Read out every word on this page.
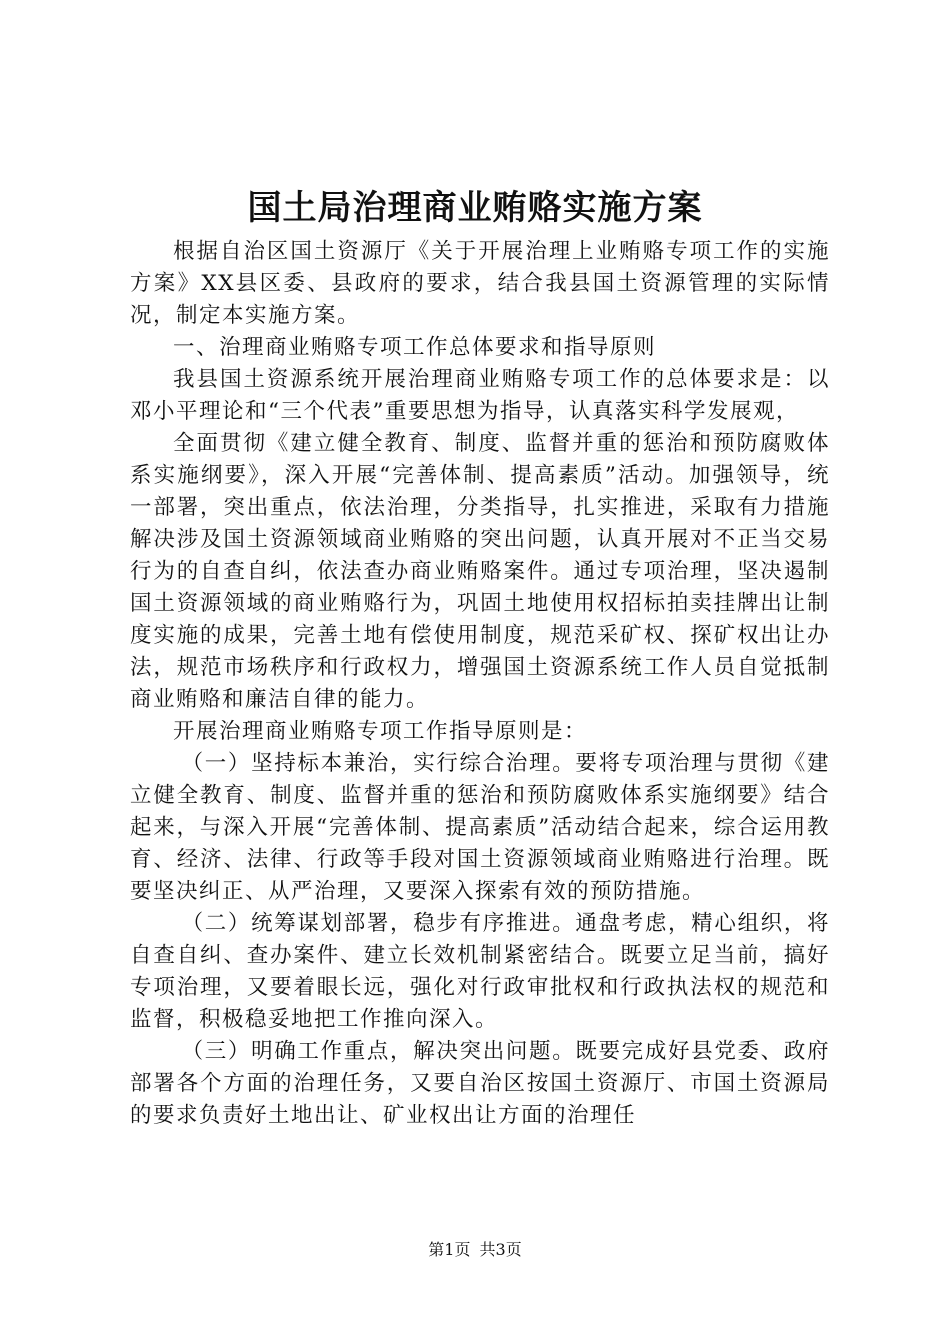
国土局治理商业贿赂实施方案

根据自治区国土资源厅《关于开展治理上业贿赂专项工作的实施方案》XX县区委、县政府的要求，结合我县国土资源管理的实际情况，制定本实施方案。

一、治理商业贿赂专项工作总体要求和指导原则

我县国土资源系统开展治理商业贿赂专项工作的总体要求是：以邓小平理论和“三个代表”重要思想为指导，认真落实科学发展观，

全面贯彻《建立健全教育、制度、监督并重的惩治和预防腐败体系实施纲要》，深入开展“完善体制、提高素质”活动。加强领导，统一部署，突出重点，依法治理，分类指导，扎实推进，采取有力措施解决涉及国土资源领域商业贿赂的突出问题，认真开展对不正当交易行为的自查自纠，依法查办商业贿赂案件。通过专项治理，坚决遏制国土资源领域的商业贿赂行为，巩固土地使用权招标拍卖挂牌出让制度实施的成果，完善土地有偿使用制度，规范采矿权、探矿权出让办法，规范市场秩序和行政权力，增强国土资源系统工作人员自觉抵制商业贿赂和廉洁自律的能力。

开展治理商业贿赂专项工作指导原则是：

（一）坚持标本兼治，实行综合治理。要将专项治理与贯彻《建立健全教育、制度、监督并重的惩治和预防腐败体系实施纲要》结合起来，与深入开展“完善体制、提高素质”活动结合起来，综合运用教育、经济、法律、行政等手段对国土资源领域商业贿赂进行治理。既要坚决纠正、从严治理，又要深入探索有效的预防措施。

（二）统筹谋划部署，稳步有序推进。通盘考虑，精心组织，将自查自纠、查办案件、建立长效机制紧密结合。既要立足当前，搞好专项治理，又要着眼长远，强化对行政审批权和行政执法权的规范和监督，积极稳妥地把工作推向深入。

（三）明确工作重点，解决突出问题。既要完成好县党委、政府部署各个方面的治理任务，又要自治区按国土资源厅、市国土资源局的要求负责好土地出让、矿业权出让方面的治理任

第1页 共3页
